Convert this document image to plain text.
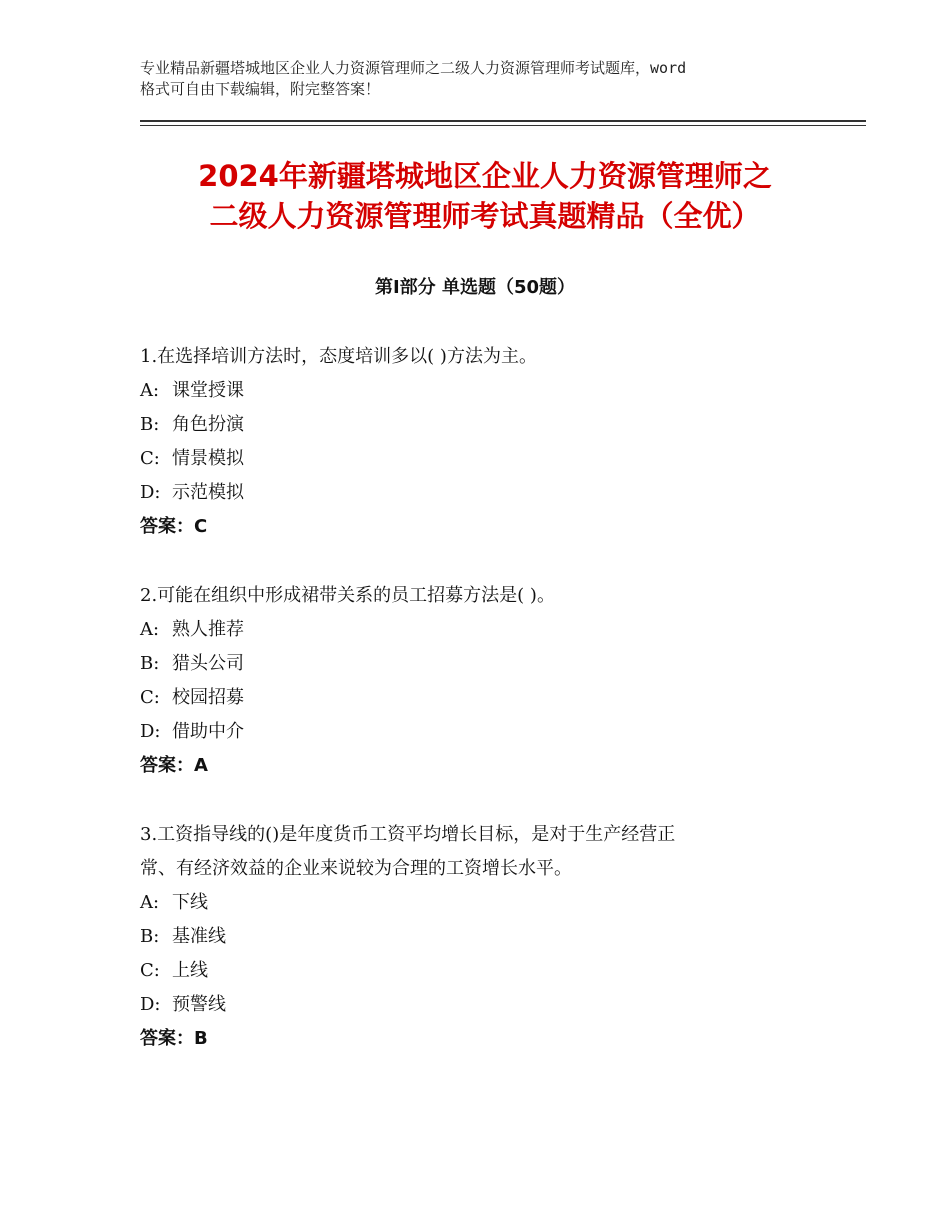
专业精品新疆塔城地区企业人力资源管理师之二级人力资源管理师考试题库，word
格式可自由下载编辑，附完整答案！
2024年新疆塔城地区企业人力资源管理师之
二级人力资源管理师考试真题精品（全优）
第Ⅰ部分 单选题（50题）

1.在选择培训方法时，态度培训多以( )方法为主。

A: 课堂授课

B: 角色扮演

C: 情景模拟

D: 示范模拟

答案：C

2.可能在组织中形成裙带关系的员工招募方法是( )。

A: 熟人推荐

B: 猎头公司

C: 校园招募

D: 借助中介

答案：A

3.工资指导线的()是年度货币工资平均增长目标，是对于生产经营正
常、有经济效益的企业来说较为合理的工资增长水平。

A: 下线

B: 基准线

C: 上线

D: 预警线

答案：B
